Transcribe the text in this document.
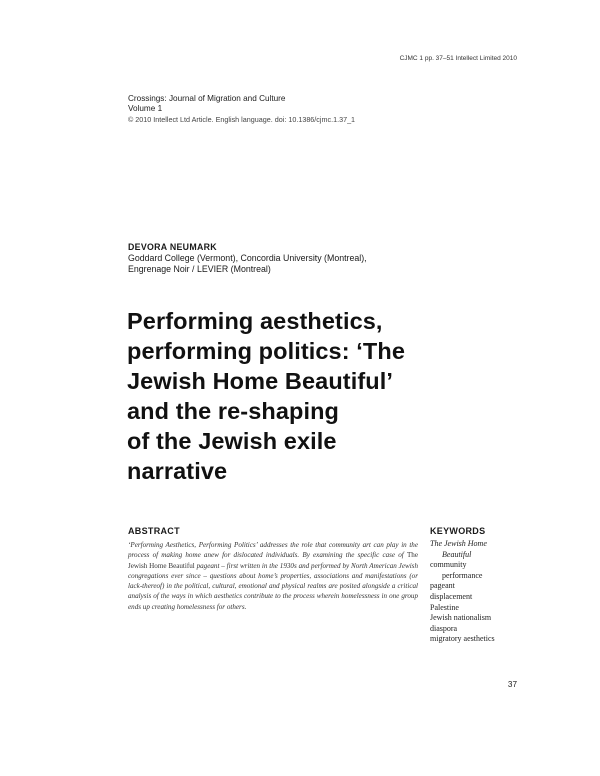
CJMC 1 pp. 37–51 Intellect Limited 2010
Crossings: Journal of Migration and Culture
Volume 1
© 2010 Intellect Ltd Article. English language. doi: 10.1386/cjmc.1.37_1
DEVORA NEUMARK
Goddard College (Vermont), Concordia University (Montreal),
Engrenage Noir / LEVIER (Montreal)
Performing aesthetics,
performing politics: ‘The
Jewish Home Beautiful’
and the re-shaping
of the Jewish exile
narrative
ABSTRACT

‘Performing Aesthetics, Performing Politics’ addresses the role that community art can play in the process of making home anew for dislocated individuals. By examining the specific case of The Jewish Home Beautiful pageant – first written in the 1930s and performed by North American Jewish congregations ever since – questions about home’s properties, associations and manifestations (or lack-thereof) in the political, cultural, emotional and physical realms are posited alongside a critical analysis of the ways in which aesthetics contribute to the process wherein homelessness in one group ends up creating homelessness for others.

KEYWORDS
The Jewish Home
Beautiful
community
performance
pageant
displacement
Palestine
Jewish nationalism
diaspora
migratory aesthetics
37
